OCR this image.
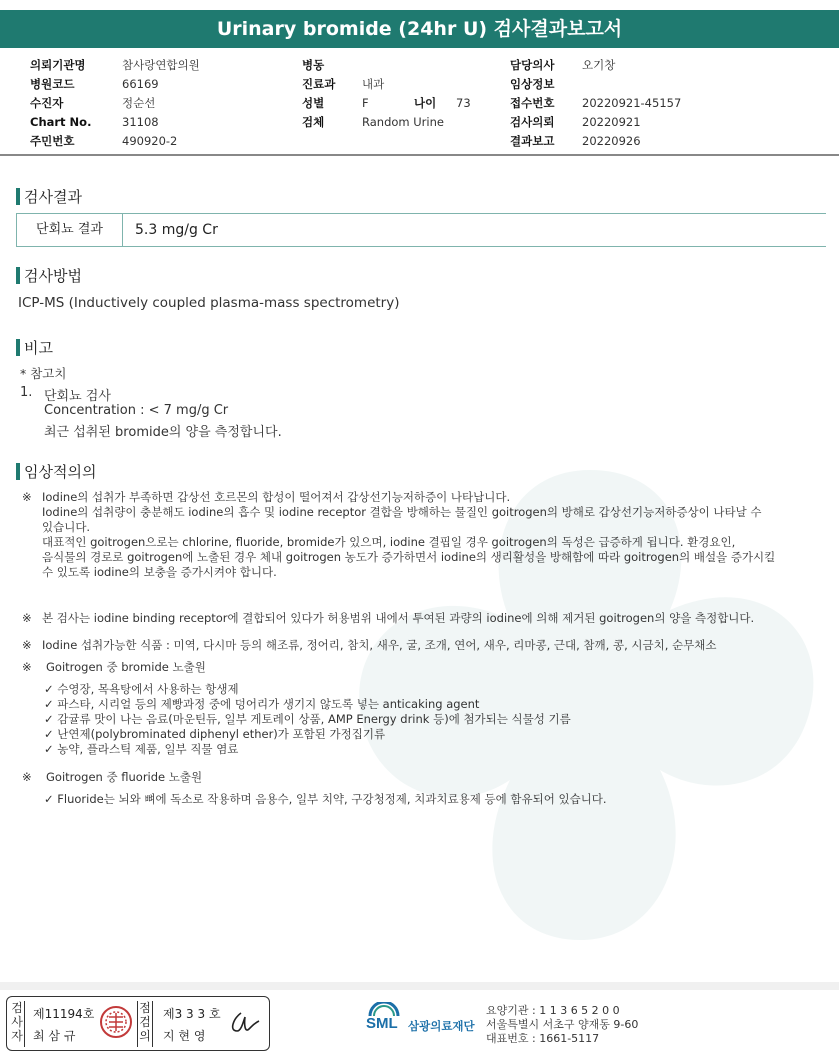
Urinary bromide (24hr U) 검사결과보고서
의뢰기관명	참사랑연합의원
병원코드	66169
수진자	정순선
Chart No.	31108
주민번호	490920-2
병동
진료과 내과
성별	F	나이 73
검체	Random Urine
담당의사 오기창
임상정보
접수번호 20220921-45157
검사의뢰 20220921
결과보고 20220926
검사결과
단회뇨 결과	5.3 mg/g Cr
검사방법
ICP-MS (Inductively coupled plasma-mass spectrometry)
비고
* 참고치
1. 단회뇨 검사
Concentration : < 7 mg/g Cr
최근 섭취된 bromide의 양을 측정합니다.
임상적의의
※ Iodine의 섭취가 부족하면 갑상선 호르몬의 합성이 떨어져서 갑상선기능저하증이 나타납니다.
Iodine의 섭취량이 충분해도 iodine의 흡수 및 iodine receptor 결합을 방해하는 물질인 goitrogen의 방해로 갑상선기능저하증상이 나타날 수
있습니다.
대표적인 goitrogen으로는 chlorine, fluoride, bromide가 있으며, iodine 결핍일 경우 goitrogen의 독성은 급증하게 됩니다. 환경요인,
음식물의 경로로 goitrogen에 노출된 경우 체내 goitrogen 농도가 증가하면서 iodine의 생리활성을 방해함에 따라 goitrogen의 배설을 증가시킬
수 있도록 iodine의 보충을 증가시켜야 합니다.
※ 본 검사는 iodine binding receptor에 결합되어 있다가 허용범위 내에서 투여된 과량의 iodine에 의해 제거된 goitrogen의 양을 측정합니다.
※ Iodine 섭취가능한 식품 : 미역, 다시마 등의 해조류, 정어리, 참치, 새우, 굴, 조개, 연어, 새우, 리마콩, 근대, 참깨, 콩, 시금치, 순무채소
※ Goitrogen 중 bromide 노출원
✓ 수영장, 목욕탕에서 사용하는 항생제
✓ 파스타, 시리얼 등의 제빵과정 중에 덩어리가 생기지 않도록 넣는 anticaking agent
✓ 감귤류 맛이 나는 음료(마운틴듀, 일부 게토레이 상품, AMP Energy drink 등)에 첨가되는 식물성 기름
✓ 난연제(polybrominated diphenyl ether)가 포함된 가정집기류
✓ 농약, 플라스틱 제품, 일부 직물 염료
※ Goitrogen 중 fluoride 노출원
✓ Fluoride는 뇌와 뼈에 독소로 작용하며 음용수, 일부 치약, 구강청정제, 치과치료용제 등에 함유되어 있습니다.
검사자
제11194호
최 삼 규
점검의
제3 3 3 호
지 현 영
SML 삼광의료재단
요양기관 : 1 1 3 6 5 2 0 0
서울특별시 서초구 양재동 9-60
대표번호 : 1661-5117
